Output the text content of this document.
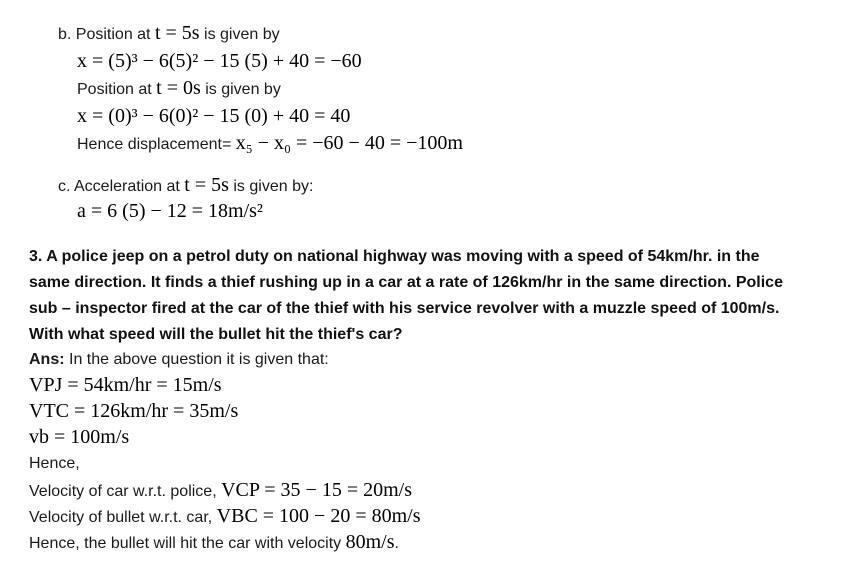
b. Position at t = 5s is given by
x = (5)³ − 6(5)² − 15 (5) + 40 = −60
Position at t = 0s is given by
x = (0)³ − 6(0)² − 15 (0) + 40 = 40
Hence displacement= x₅ − x₀ = −60 − 40 = −100m
c. Acceleration at t = 5s is given by:
a = 6 (5) − 12 = 18m/s²
3. A police jeep on a petrol duty on national highway was moving with a speed of 54km/hr. in the
same direction. It finds a thief rushing up in a car at a rate of 126km/hr in the same direction. Police
sub – inspector fired at the car of the thief with his service revolver with a muzzle speed of 100m/s.
With what speed will the bullet hit the thief's car?
Ans: In the above question it is given that:
VPJ = 54km/hr = 15m/s
VTC = 126km/hr = 35m/s
vb = 100m/s
Hence,
Velocity of car w.r.t. police, VCP = 35 − 15 = 20m/s
Velocity of bullet w.r.t. car, VBC = 100 − 20 = 80m/s
Hence, the bullet will hit the car with velocity 80m/s.
